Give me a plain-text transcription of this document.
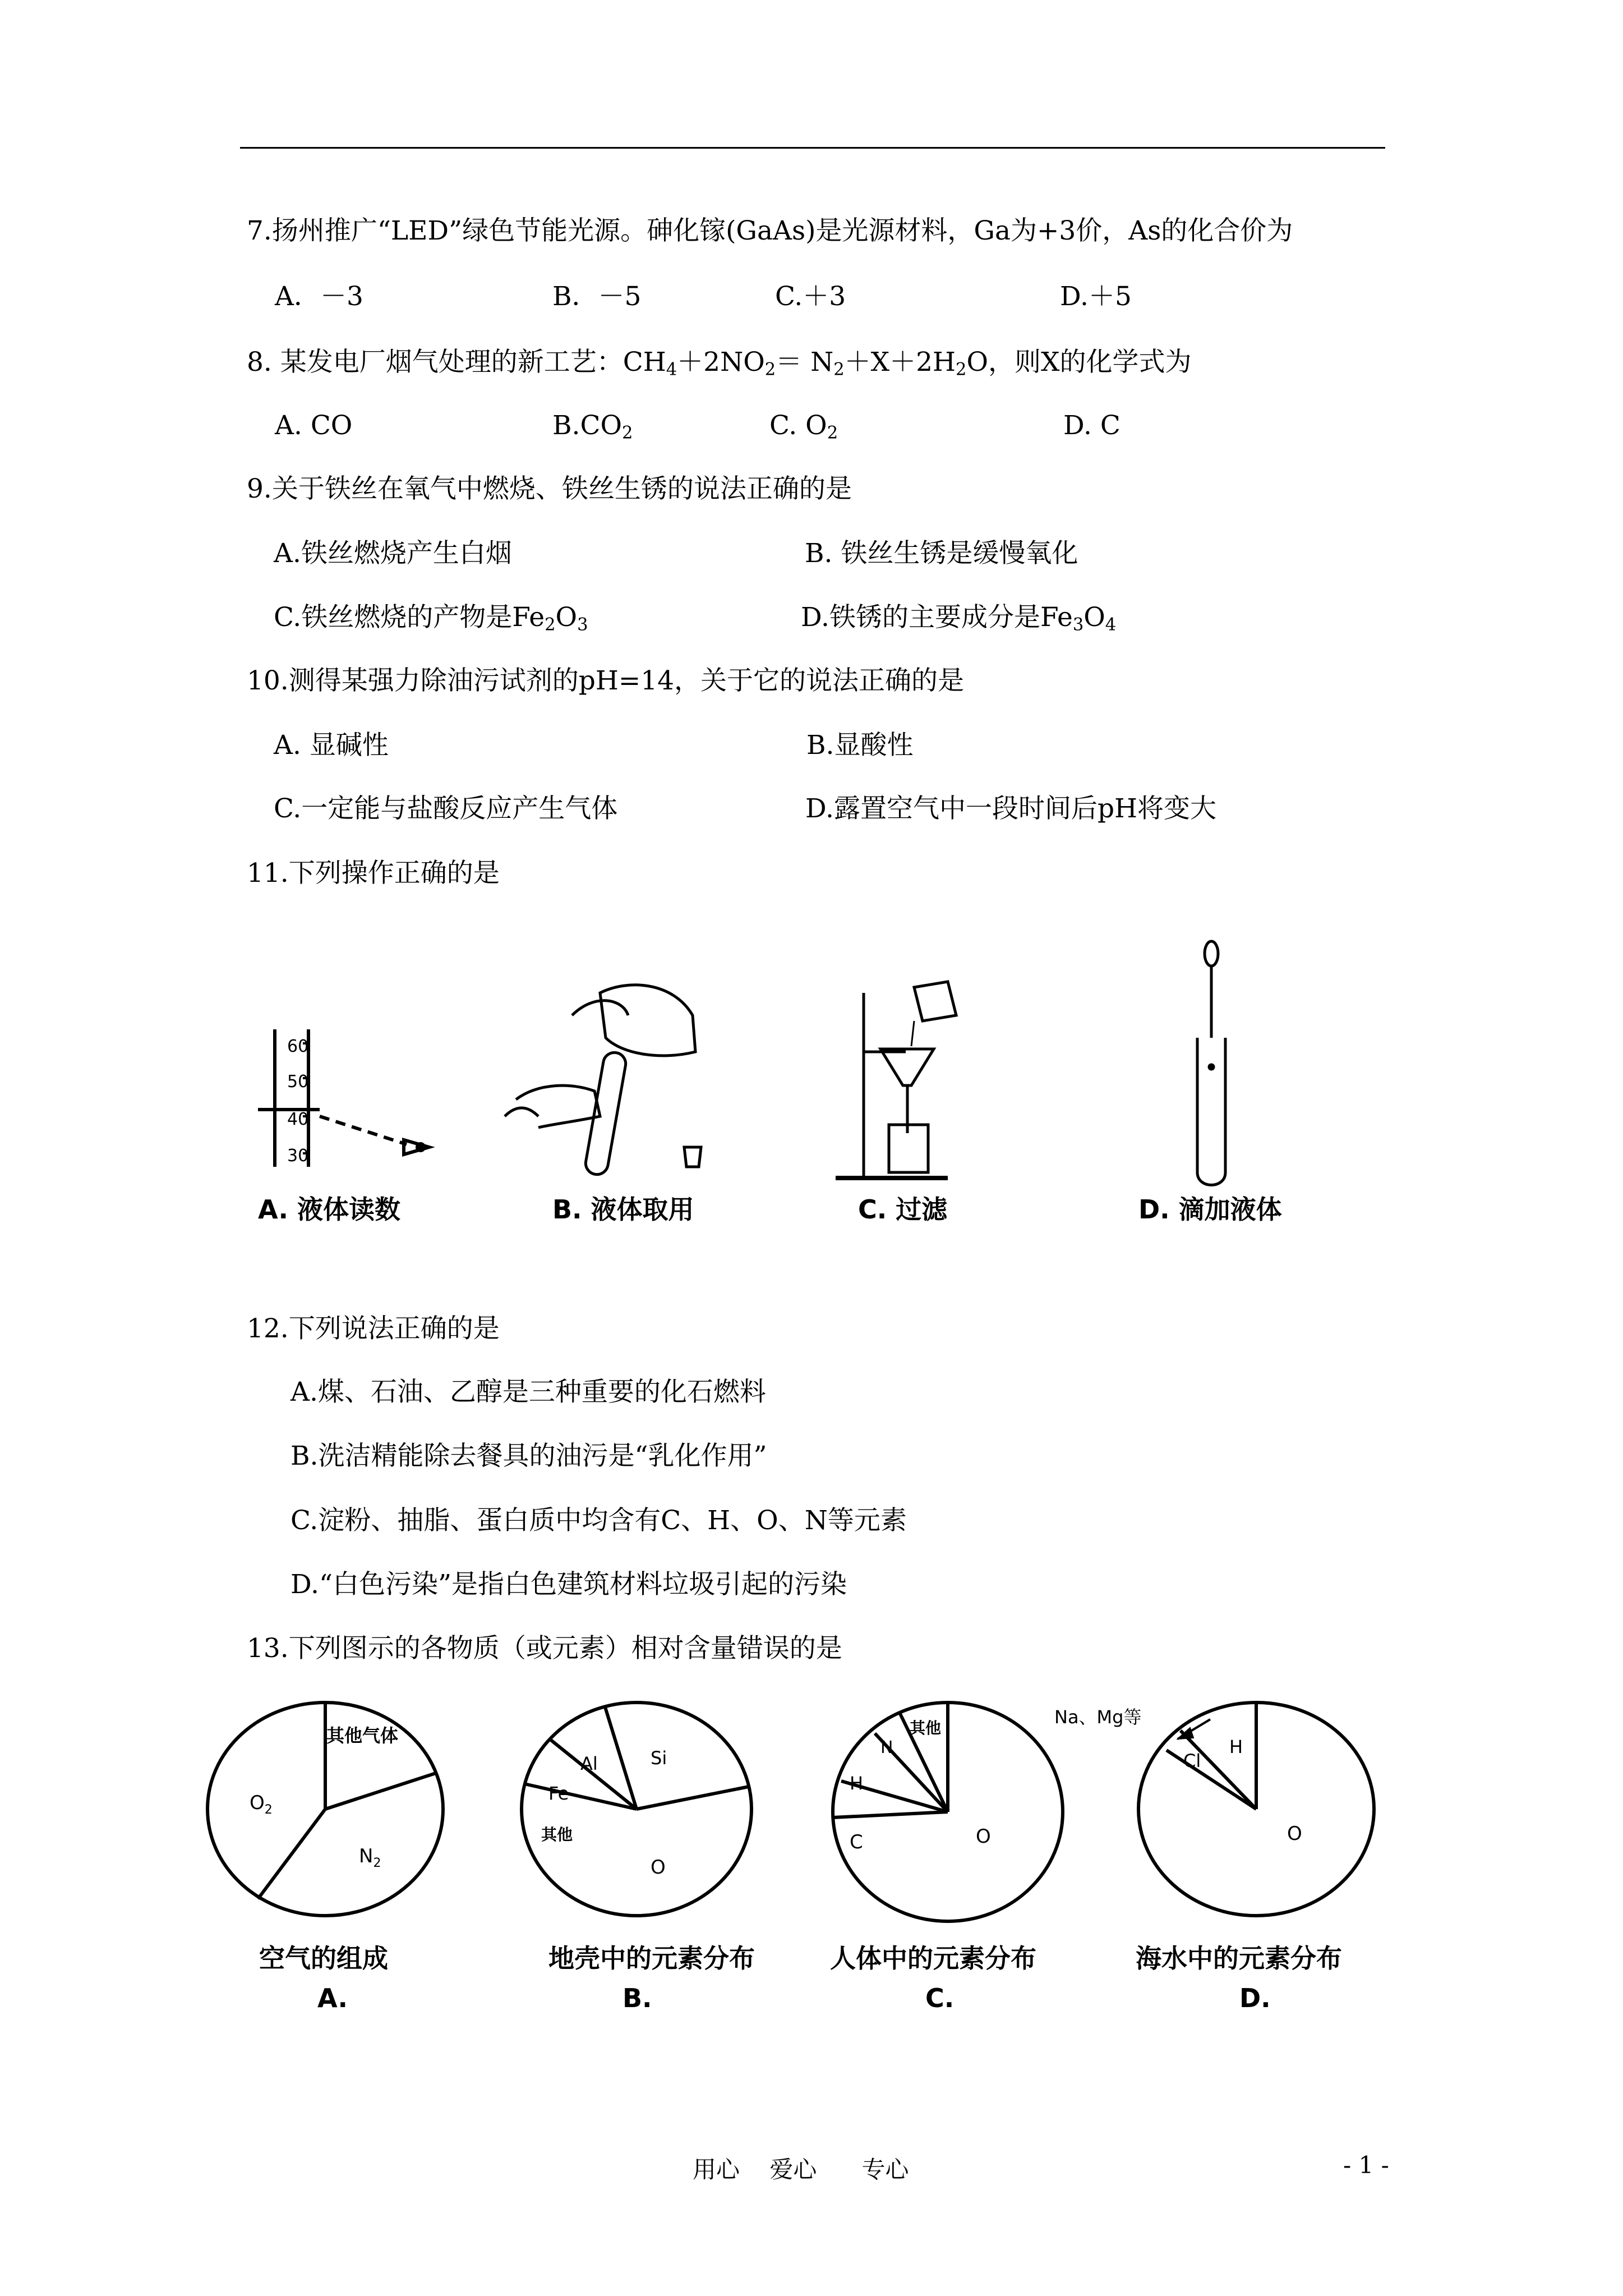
7.扬州推广“LED”绿色节能光源。砷化镓(GaAs)是光源材料，Ga为+3价，As的化合价为
A．－3	B．－5	C.＋3	D.＋5
8. 某发电厂烟气处理的新工艺：$CH_4+2NO_2= N_2+X+2H_2O$，则X的化学式为
A. CO	$B.CO_2$	C. $O_2$	D. C
9.关于铁丝在氧气中燃烧、铁丝生锈的说法正确的是
A.铁丝燃烧产生白烟	B. 铁丝生锈是缓慢氧化
C.铁丝燃烧的产物是$Fe_2O_3$	D.铁锈的主要成分是$Fe_3O_4$
10.测得某强力除油污试剂的pH=14，关于它的说法正确的是
A. 显碱性	B.显酸性
C.一定能与盐酸反应产生气体	D.露置空气中一段时间后pH将变大
11.下列操作正确的是
60
50
40
30
A. 液体读数	B. 液体取用	C. 过滤	D. 滴加液体
12.下列说法正确的是
A.煤、石油、乙醇是三种重要的化石燃料
B.洗洁精能除去餐具的油污是“乳化作用”
C.淀粉、抽脂、蛋白质中均含有C、H、O、N等元素
D.“白色污染”是指白色建筑材料垃圾引起的污染
13.下列图示的各物质（或元素）相对含量错误的是
其他气体
$O_2$
$N_2$
Al	Si
Fe
其他
O
其他
N
H
C	O
Na、Mg等
Cl
H
O
空气的组成
A.
地壳中的元素分布
B.
人体中的元素分布
C.
海水中的元素分布
D.
用心    爱心      专心	- 1 -
